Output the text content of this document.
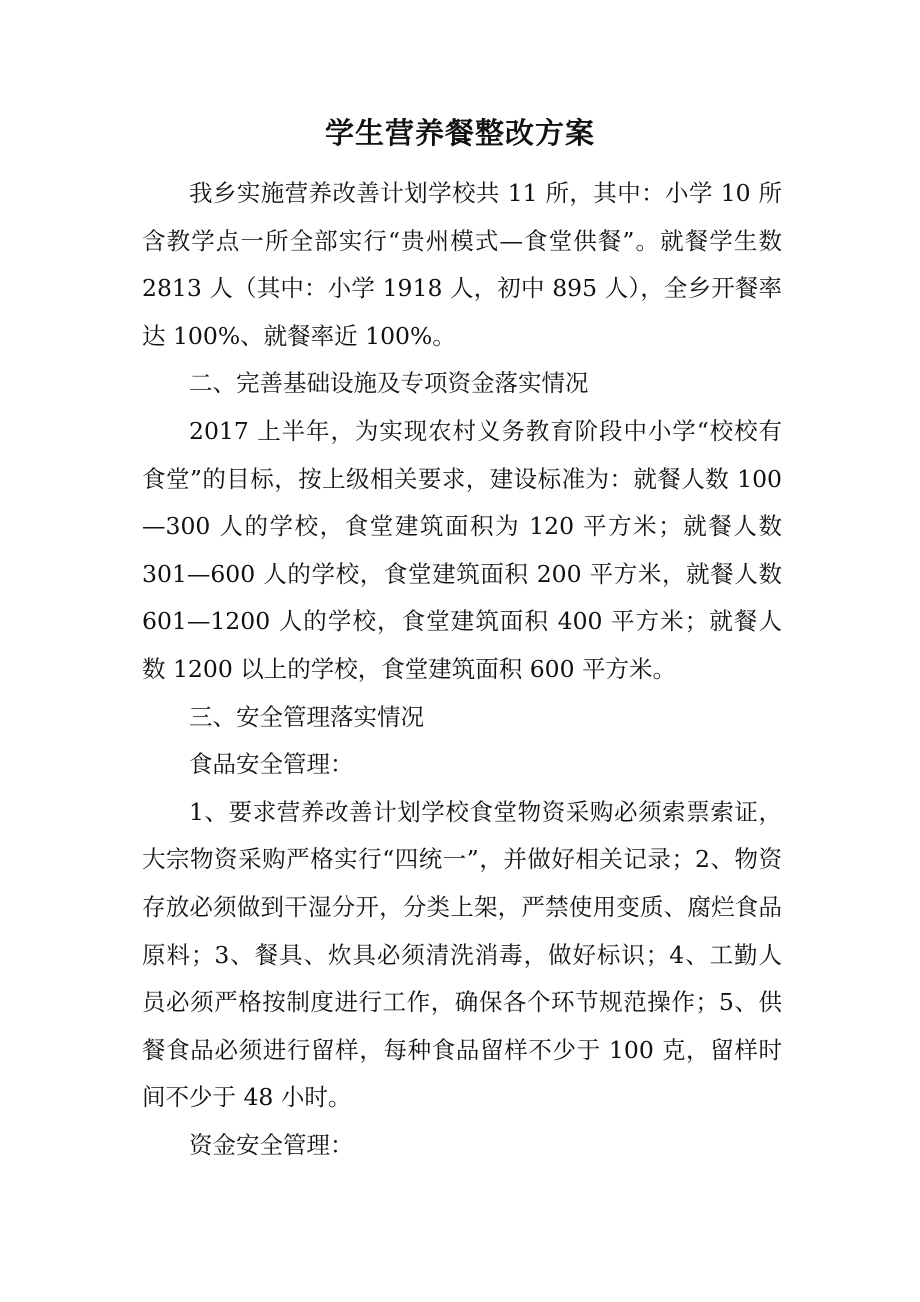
学生营养餐整改方案

我乡实施营养改善计划学校共 11 所，其中：小学 10 所含教学点一所全部实行“贵州模式—食堂供餐”。就餐学生数 2813 人（其中：小学 1918 人，初中 895 人），全乡开餐率达 100%、就餐率近 100%。

二、完善基础设施及专项资金落实情况

2017 上半年，为实现农村义务教育阶段中小学“校校有食堂”的目标，按上级相关要求，建设标准为：就餐人数 100—300 人的学校，食堂建筑面积为 120 平方米；就餐人数 301—600 人的学校，食堂建筑面积 200 平方米，就餐人数 601—1200 人的学校，食堂建筑面积 400 平方米；就餐人数 1200 以上的学校，食堂建筑面积 600 平方米。

三、安全管理落实情况

食品安全管理：

1、要求营养改善计划学校食堂物资采购必须索票索证，大宗物资采购严格实行“四统一”，并做好相关记录；2、物资存放必须做到干湿分开，分类上架，严禁使用变质、腐烂食品原料；3、餐具、炊具必须清洗消毒，做好标识；4、工勤人员必须严格按制度进行工作，确保各个环节规范操作；5、供餐食品必须进行留样，每种食品留样不少于 100 克，留样时间不少于 48 小时。

资金安全管理：
